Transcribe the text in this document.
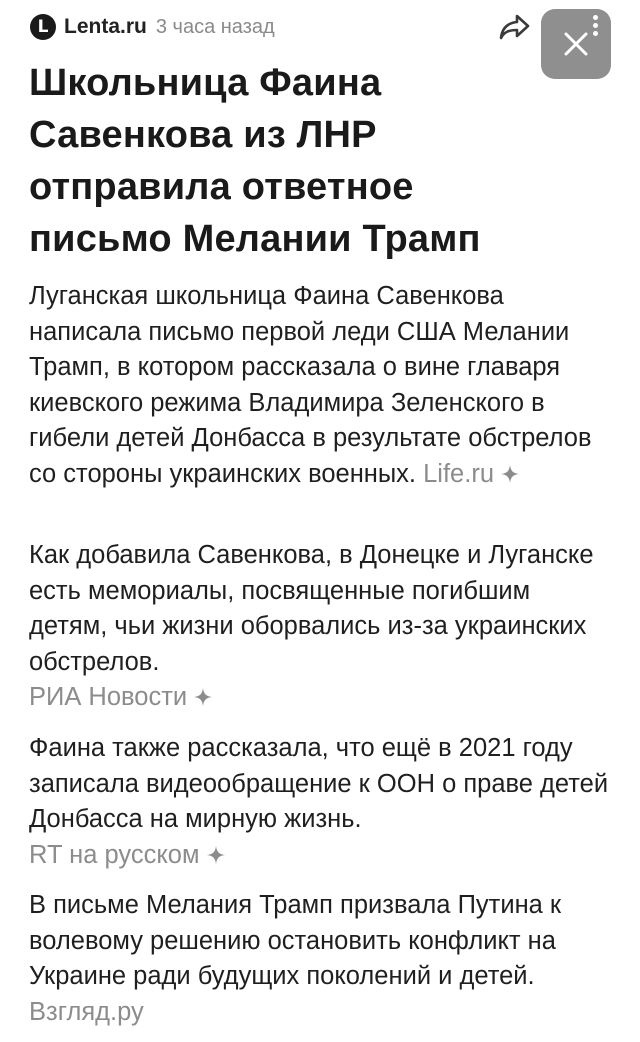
L Lenta.ru 3 часа назад
Школьница Фаина Савенкова из ЛНР отправила ответное письмо Мелании Трамп

Луганская школьница Фаина Савенкова написала письмо первой леди США Мелании Трамп, в котором рассказала о вине главаря киевского режима Владимира Зеленского в гибели детей Донбасса в результате обстрелов со стороны украинских военных. Life.ru

Как добавила Савенкова, в Донецке и Луганске есть мемориалы, посвященные погибшим детям, чьи жизни оборвались из-за украинских обстрелов.
РИА Новости

Фаина также рассказала, что ещё в 2021 году записала видеообращение к ООН о праве детей Донбасса на мирную жизнь.
RT на русском

В письме Мелания Трамп призвала Путина к волевому решению остановить конфликт на Украине ради будущих поколений и детей. Взгляд.ру
